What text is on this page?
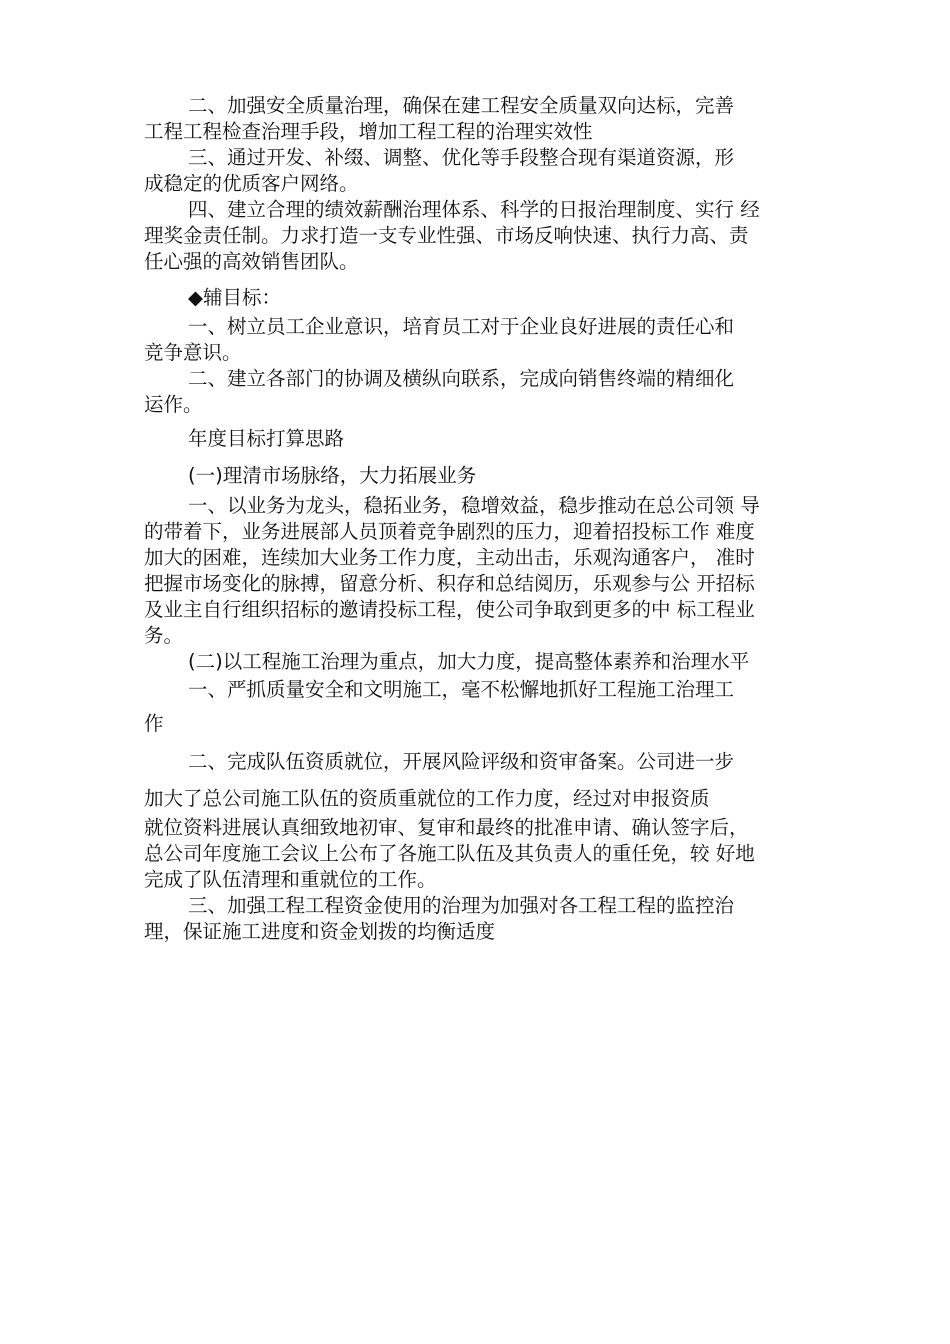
二、加强安全质量治理，确保在建工程安全质量双向达标，完善
工程工程检查治理手段，增加工程工程的治理实效性
三、通过开发、补缀、调整、优化等手段整合现有渠道资源，形
成稳定的优质客户网络。
四、建立合理的绩效薪酬治理体系、科学的日报治理制度、实行 经
理奖金责任制。力求打造一支专业性强、市场反响快速、执行力高、责
任心强的高效销售团队。
◆辅目标：
一、树立员工企业意识，培育员工对于企业良好进展的责任心和
竞争意识。
二、建立各部门的协调及横纵向联系，完成向销售终端的精细化
运作。
年度目标打算思路
(一)理清市场脉络，大力拓展业务
一、以业务为龙头，稳拓业务，稳增效益，稳步推动在总公司领 导
的带着下，业务进展部人员顶着竞争剧烈的压力，迎着招投标工作 难度
加大的困难，连续加大业务工作力度，主动出击，乐观沟通客户， 准时
把握市场变化的脉搏，留意分析、积存和总结阅历，乐观参与公 开招标
及业主自行组织招标的邀请投标工程，使公司争取到更多的中 标工程业
务。
(二)以工程施工治理为重点，加大力度，提高整体素养和治理水平
一、严抓质量安全和文明施工，毫不松懈地抓好工程施工治理工
作
二、完成队伍资质就位，开展风险评级和资审备案。公司进一步
加大了总公司施工队伍的资质重就位的工作力度，经过对申报资质
就位资料进展认真细致地初审、复审和最终的批准申请、确认签字后，
总公司年度施工会议上公布了各施工队伍及其负责人的重任免，较 好地
完成了队伍清理和重就位的工作。
三、加强工程工程资金使用的治理为加强对各工程工程的监控治
理，保证施工进度和资金划拨的均衡适度
